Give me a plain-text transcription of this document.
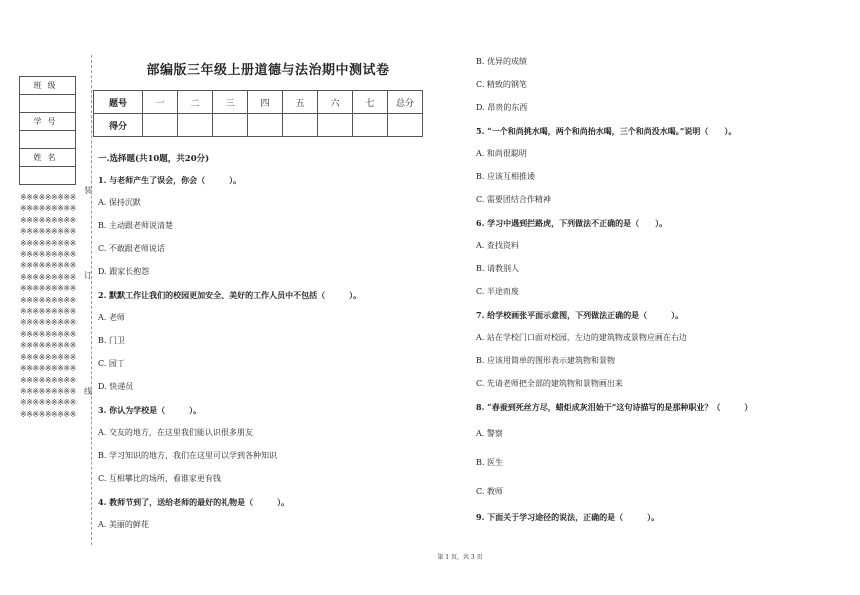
班级

学号

姓名

※※※※※※※※※※※※※※※※※※※※※※※※※※※※※※※※※※※※※※※※※※※※※※※※※※※※※※※※※※※※※※※※※※※※※※※※※※※※※※※※※※※※※※※※※※※※※※※※※※※※※※※※※※※※※※※※※※※※※※※※※※※※※※※※※※※※※※※※※※※※※※※※※※※※※※※※※※※※※※※※※※※※※※※※※※※※※※※※※※※※
装
订
线
部编版三年级上册道德与法治期中测试卷
题号	一	二	三	四	五	六	七	总分
得分								
一.选择题(共10题，共20分)
1. 与老师产生了误会，你会（　　　）。
A. 保持沉默
B. 主动跟老师说清楚
C. 不敢跟老师说话
D. 跟家长抱怨
2. 默默工作让我们的校园更加安全、美好的工作人员中不包括（　　　）。
A. 老师
B. 门卫
C. 园丁
D. 快递员
3. 你认为学校是（　　　）。
A. 交友的地方，在这里我们能认识很多朋友
B. 学习知识的地方，我们在这里可以学到各种知识
C. 互相攀比的场所，看谁家更有钱
4. 教师节到了，送给老师的最好的礼物是（　　　）。
A. 美丽的鲜花
B. 优异的成绩
C. 精致的钢笔
D. 昂贵的东西
5. “一个和尚挑水喝，两个和尚抬水喝，三个和尚没水喝。”说明（　　）。
A. 和尚很聪明
B. 应该互相推诿
C. 需要团结合作精神
6. 学习中遇到拦路虎，下列做法不正确的是（　　）。
A. 查找资料
B. 请教别人
C. 半途而废
7. 给学校画张平面示意图，下列做法正确的是（　　　）。
A. 站在学校门口面对校园，左边的建筑物或景物应画在右边
B. 应该用简单的图形表示建筑物和景物
C. 先请老师把全部的建筑物和景物画出来
8. “春蚕到死丝方尽，蜡炬成灰泪始干”这句诗描写的是那种职业？（　　　）
A. 警察
B. 医生
C. 教师
9. 下面关于学习途径的说法，正确的是（　　　）。
第 1 页，共 3 页
